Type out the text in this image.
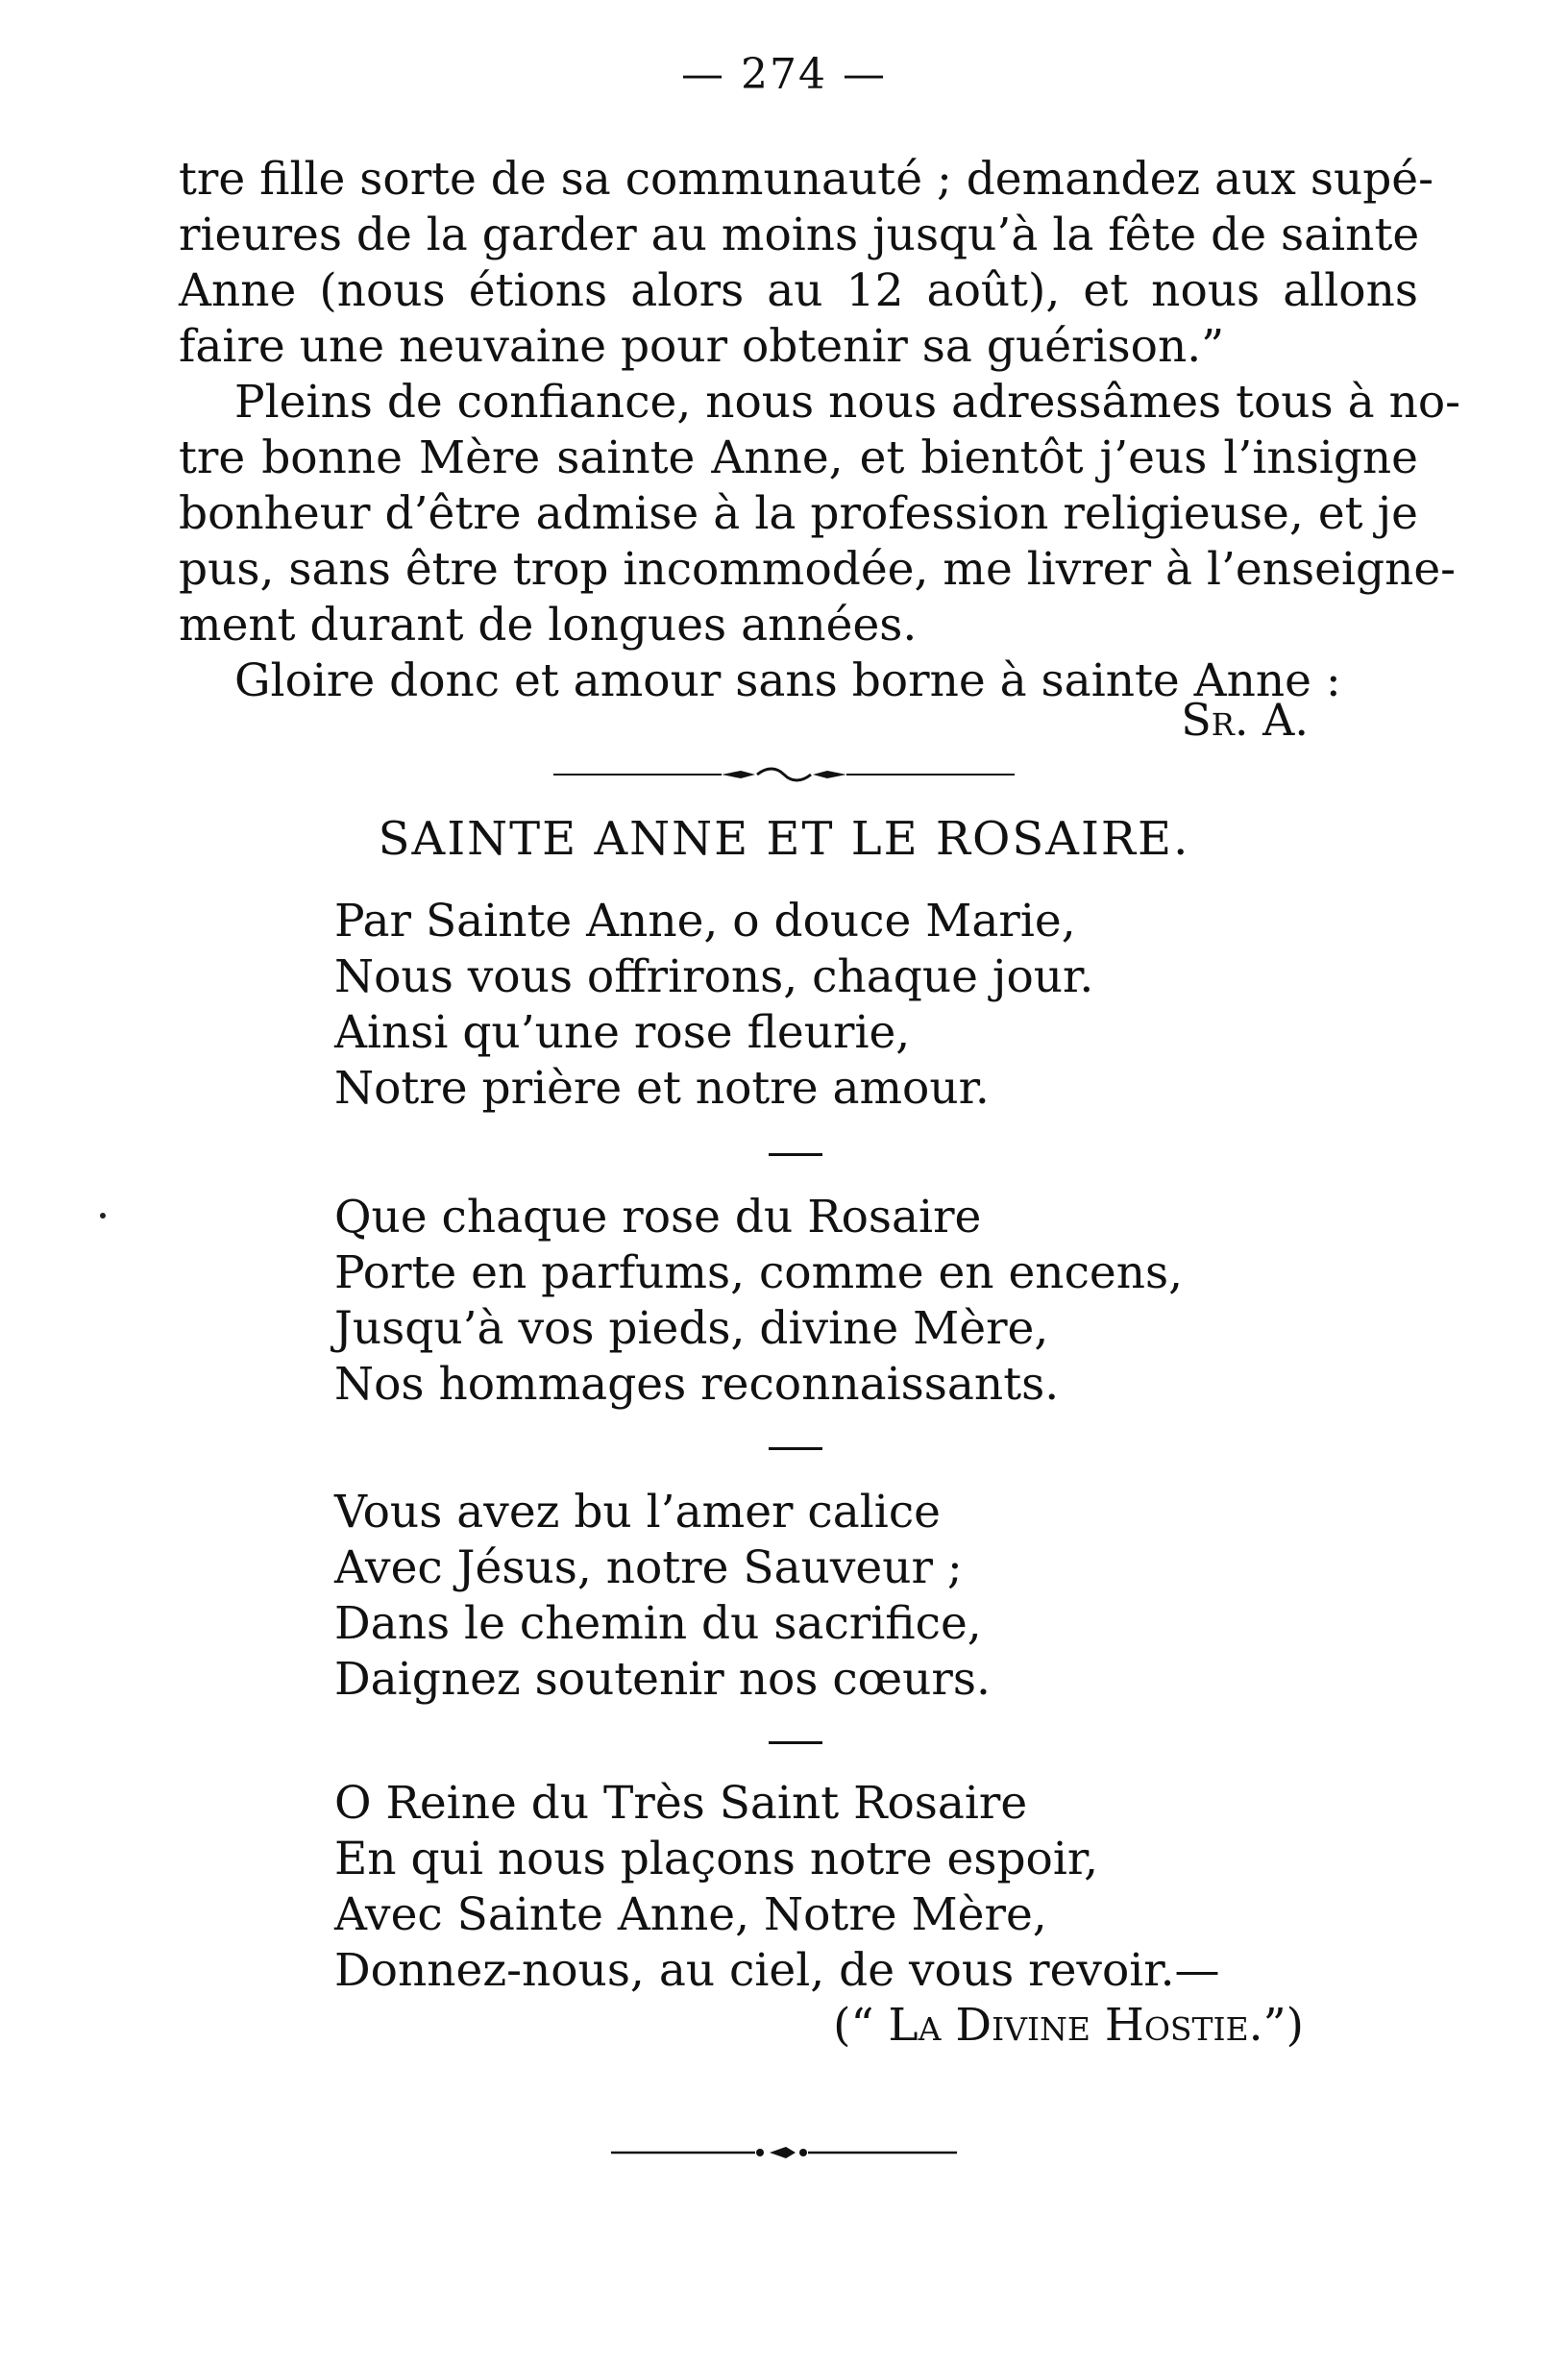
— 274 —

tre fille sorte de sa communauté ; demandez aux supé-
rieures de la garder au moins jusqu’à la fête de sainte
Anne (nous étions alors au 12 août), et nous allons
faire une neuvaine pour obtenir sa guérison.”

Pleins de confiance, nous nous adressâmes tous à no-
tre bonne Mère sainte Anne, et bientôt j’eus l’insigne
bonheur d’être admise à la profession religieuse, et je
pus, sans être trop incommodée, me livrer à l’enseigne-
ment durant de longues années.

Gloire donc et amour sans borne à sainte Anne :

Sr. A.
SAINTE ANNE ET LE ROSAIRE.
Par Sainte Anne, o douce Marie,
Nous vous offrirons, chaque jour.
Ainsi qu’une rose fleurie,
Notre prière et notre amour.
Que chaque rose du Rosaire
Porte en parfums, comme en encens,
Jusqu’à vos pieds, divine Mère,
Nos hommages reconnaissants.
Vous avez bu l’amer calice
Avec Jésus, notre Sauveur ;
Dans le chemin du sacrifice,
Daignez soutenir nos cœurs.
O Reine du Très Saint Rosaire
En qui nous plaçons notre espoir,
Avec Sainte Anne, Notre Mère,
Donnez-nous, au ciel, de vous revoir.—
(“ La Divine Hostie.”)
